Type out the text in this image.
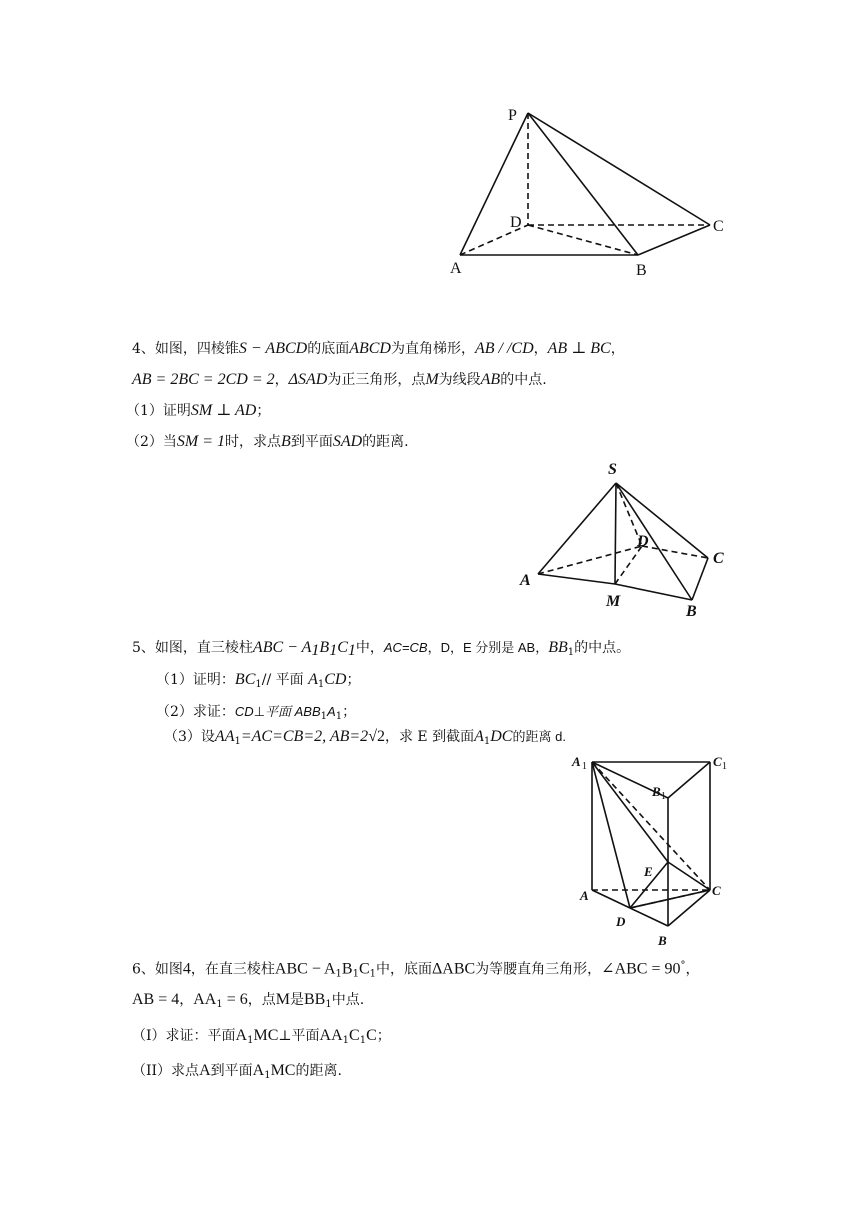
P
D	C
A	B
4、如图，四棱锥S − ABCD的底面ABCD为直角梯形，AB / /CD，AB ⊥ BC，
AB = 2BC = 2CD = 2，ΔSAD为正三角形，点M为线段AB的中点.
（1）证明SM ⊥ AD；
（2）当SM = 1时，求点B到平面SAD的距离.
S
D
C
A
M
B
5、如图，直三棱柱ABC − $A_1B_1C_1$中，AC=CB，D，E 分别是 AB，$BB_1$的中点。
（1）证明：$BC_1//$ 平面 $A_1CD$；
（2）求证：CD⊥平面 $ABB_1A_1$；
（3）设$AA_1=AC=CB=2$, AB=2√2，求 E 到截面$A_1DC$的距离 d.
A 1	C 1
B 1
E
A	C
D
B
6、如图4，在直三棱柱ABC − $A_1B_1C_1$中，底面ΔABC为等腰直角三角形，∠ABC = 90°，
AB = 4，$AA_1 = 6$，点M是$BB_1$中点.
（I）求证：平面$A_1MC\perp$平面$AA_1C_1C$；
（II）求点A到平面$A_1MC$的距离.
